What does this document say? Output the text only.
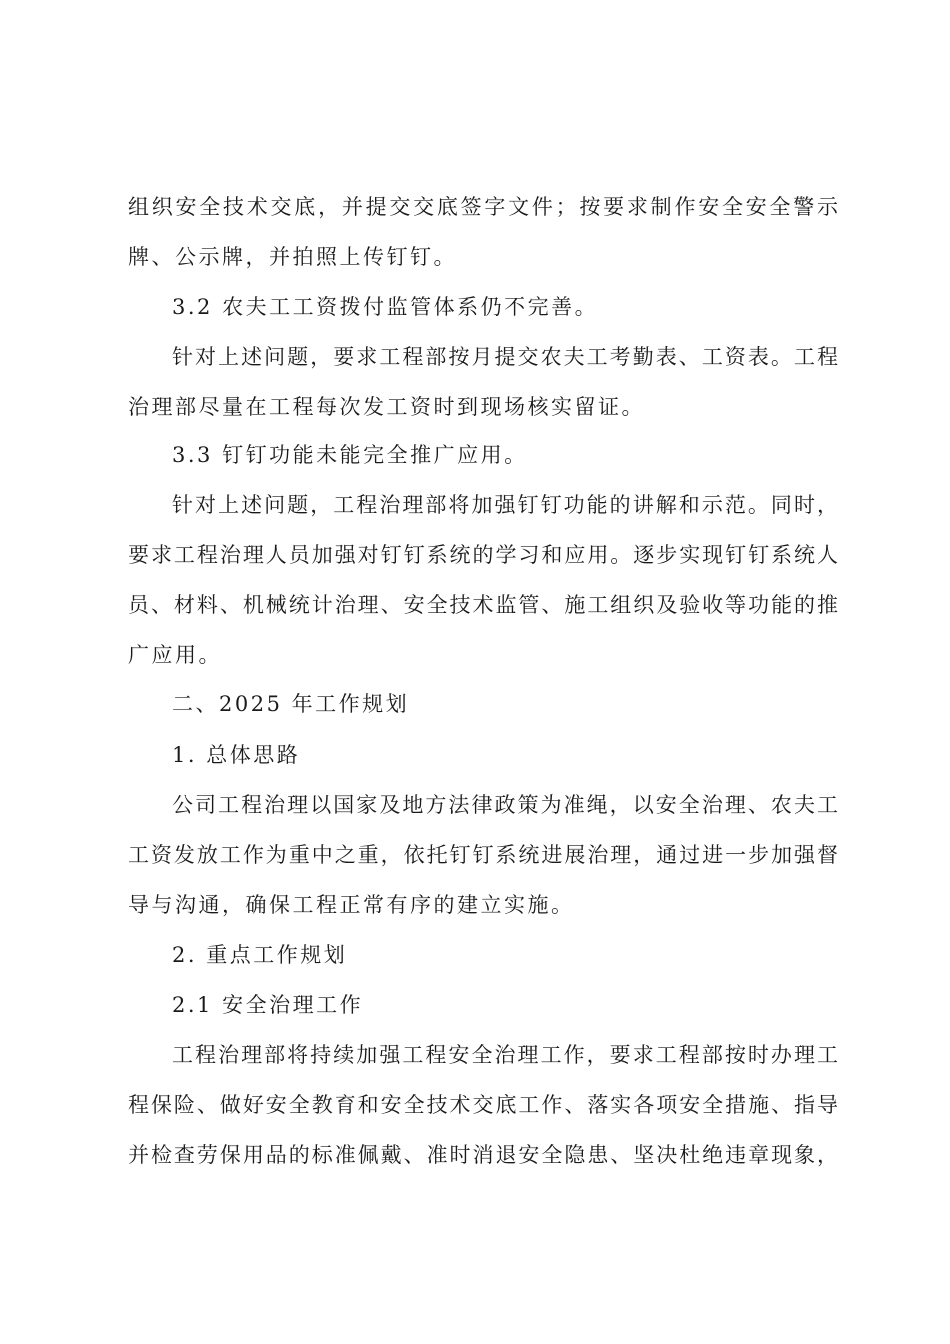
组织安全技术交底，并提交交底签字文件；按要求制作安全安全警示
牌、公示牌，并拍照上传钉钉。
3.2 农夫工工资拨付监管体系仍不完善。
针对上述问题，要求工程部按月提交农夫工考勤表、工资表。工程
治理部尽量在工程每次发工资时到现场核实留证。
3.3 钉钉功能未能完全推广应用。
针对上述问题，工程治理部将加强钉钉功能的讲解和示范。同时，
要求工程治理人员加强对钉钉系统的学习和应用。逐步实现钉钉系统人
员、材料、机械统计治理、安全技术监管、施工组织及验收等功能的推
广应用。
二、2025 年工作规划
1. 总体思路
公司工程治理以国家及地方法律政策为准绳，以安全治理、农夫工
工资发放工作为重中之重，依托钉钉系统进展治理，通过进一步加强督
导与沟通，确保工程正常有序的建立实施。
2. 重点工作规划
2.1 安全治理工作
工程治理部将持续加强工程安全治理工作，要求工程部按时办理工
程保险、做好安全教育和安全技术交底工作、落实各项安全措施、指导
并检查劳保用品的标准佩戴、准时消退安全隐患、坚决杜绝违章现象，
